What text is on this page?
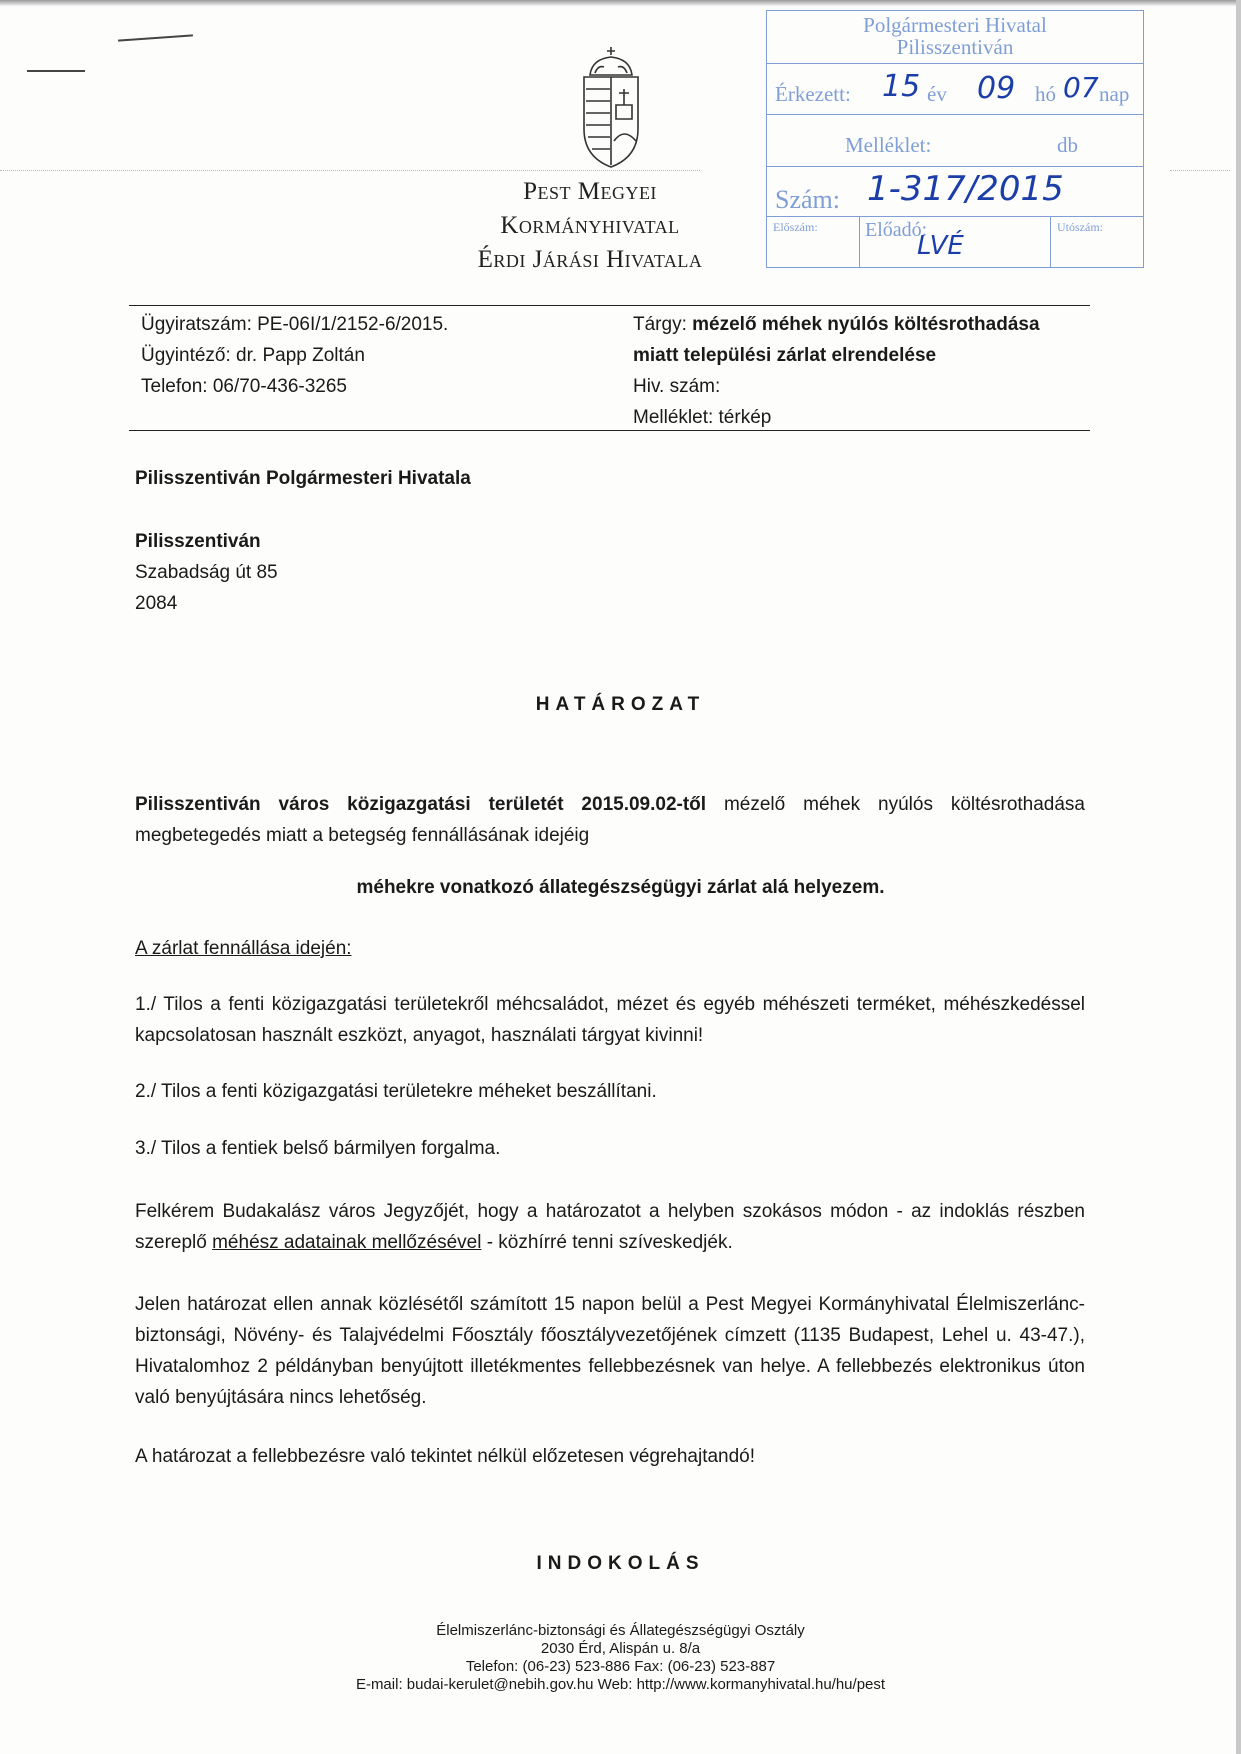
Pest Megyei
Kormányhivatal
Érdi Járási Hivatala
Polgármesteri Hivatal
Pilisszentiván
Érkezett: 15 év 09 hó 07 nap
Melléklet:	db
Szám: 1-317/2015
Előszám: Előadó:
LVÉ
Utószám:
Ügyiratszám: PE-06I/1/2152-6/2015.
Ügyintéző: dr. Papp Zoltán
Telefon: 06/70-436-3265
Tárgy: mézelő méhek nyúlós költésrothadása
miatt települési zárlat elrendelése
Hiv. szám:
Melléklet: térkép
Pilisszentiván Polgármesteri Hivatala
Pilisszentiván
Szabadság út 85
2084
HATÁROZAT
Pilisszentiván város közigazgatási területét 2015.09.02-től mézelő méhek nyúlós költésrothadása megbetegedés miatt a betegség fennállásának idejéig
méhekre vonatkozó állategészségügyi zárlat alá helyezem.
A zárlat fennállása idején:
1./ Tilos a fenti közigazgatási területekről méhcsaládot, mézet és egyéb méhészeti terméket, méhészkedéssel kapcsolatosan használt eszközt, anyagot, használati tárgyat kivinni!
2./ Tilos a fenti közigazgatási területekre méheket beszállítani.
3./ Tilos a fentiek belső bármilyen forgalma.
Felkérem Budakalász város Jegyzőjét, hogy a határozatot a helyben szokásos módon - az indoklás részben szereplő méhész adatainak mellőzésével - közhírré tenni szíveskedjék.
Jelen határozat ellen annak közlésétől számított 15 napon belül a Pest Megyei Kormányhivatal Élelmiszerlánc-biztonsági, Növény- és Talajvédelmi Főosztály főosztályvezetőjének címzett (1135 Budapest, Lehel u. 43-47.), Hivatalomhoz 2 példányban benyújtott illetékmentes fellebbezésnek van helye. A fellebbezés elektronikus úton való benyújtására nincs lehetőség.
A határozat a fellebbezésre való tekintet nélkül előzetesen végrehajtandó!
INDOKOLÁS
Élelmiszerlánc-biztonsági és Állategészségügyi Osztály
2030 Érd, Alispán u. 8/a
Telefon: (06-23) 523-886 Fax: (06-23) 523-887
E-mail: budai-kerulet@nebih.gov.hu Web: http://www.kormanyhivatal.hu/hu/pest
